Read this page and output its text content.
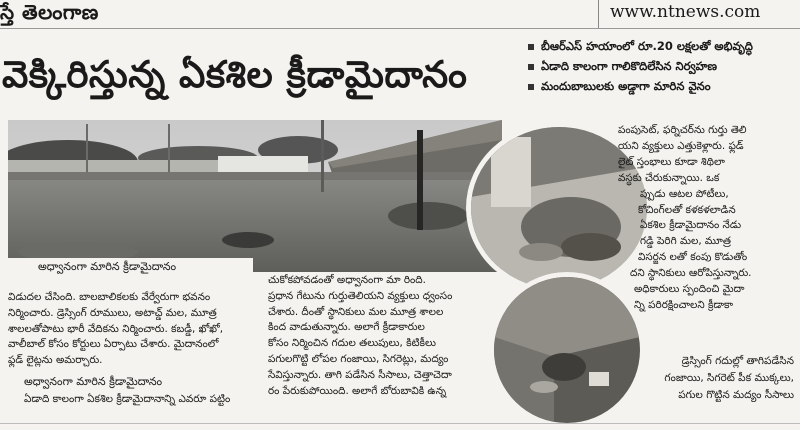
స్తే తెలంగాణ	www.ntnews.com
వెక్కిరిస్తున్న ఏకశిల క్రీడామైదానం
బీఆర్‌ఎస్ హయాంలో రూ.20 లక్షలతో అభివృద్ధి
ఏడాది కాలంగా గాలికొదిలేసిన నిర్వహణ
మందుబాబులకు అడ్డాగా మారిన వైనం
అధ్వానంగా మారిన క్రీడామైదానం
విడుదల చేసింది. బాలబాలికలకు వేర్వేరుగా భవనం
నిర్మించారు. డ్రెస్సింగ్ రూములు, అటాచ్డ్ మల, మూత్ర
శాలలతోపాటు భారీ వేదికను నిర్మించారు. కబడ్డీ, ఖోఖో,
వాలీబాల్ కోసం కోర్టులు ఏర్పాటు చేశారు. మైదానంలో
ఫ్లడ్ లైట్లను అమర్చారు.
అధ్వానంగా మారిన క్రీడామైదానం
ఏడాది కాలంగా ఏకశిల క్రీడామైదానాన్ని ఎవరూ పట్టిం
చుకోకపోవడంతో అధ్వానంగా మా రింది.
ప్రధాన గేటును గుర్తుతెలియని వ్యక్తులు ధ్వంసం
చేశారు. దీంతో స్థానికులు మల మూత్ర శాలల
కింద వాడుతున్నారు. అలాగే క్రీడాకారుల
కోసం నిర్మించిన గదుల తలుపులు, కిటికీలు
పగులగొట్టి లోపల గంజాయి, సిగరెట్లు, మద్యం
సేవిస్తున్నారు. తాగి పడేసిన సీసాలు, చెత్తాచెదా
రం పేరుకుపోయింది. అలాగే బోరుబావికి ఉన్న
పంపుసెట్, ఫర్నిచర్‌ను గుర్తు తెలి
యని వ్యక్తులు ఎత్తుకెళ్లారు. ఫ్లడ్
లైట్ స్తంభాలు కూడా శిథిలా
వస్థకు చేరుకున్నాయి. ఒక
ప్పుడు ఆటల పోటీలు,
కోచింగ్‌లతో కళకళలాడిన
ఏకశిల క్రీడామైదానం నేడు
గడ్డి పెరిగి మల, మూత్ర
విసర్జన లతో కంపు కొడుతోం
దని స్థానికులు ఆరోపిస్తున్నారు.
అధికారులు స్పందించి మైదా
న్ని పరిరక్షించాలని క్రీడాకా
డ్రెస్సింగ్ గదుల్లో తాగిపడేసిన
గంజాయి, సిగరెట్ పీక ముక్కలు,
పగుల గొట్టిన మద్యం సీసాలు
